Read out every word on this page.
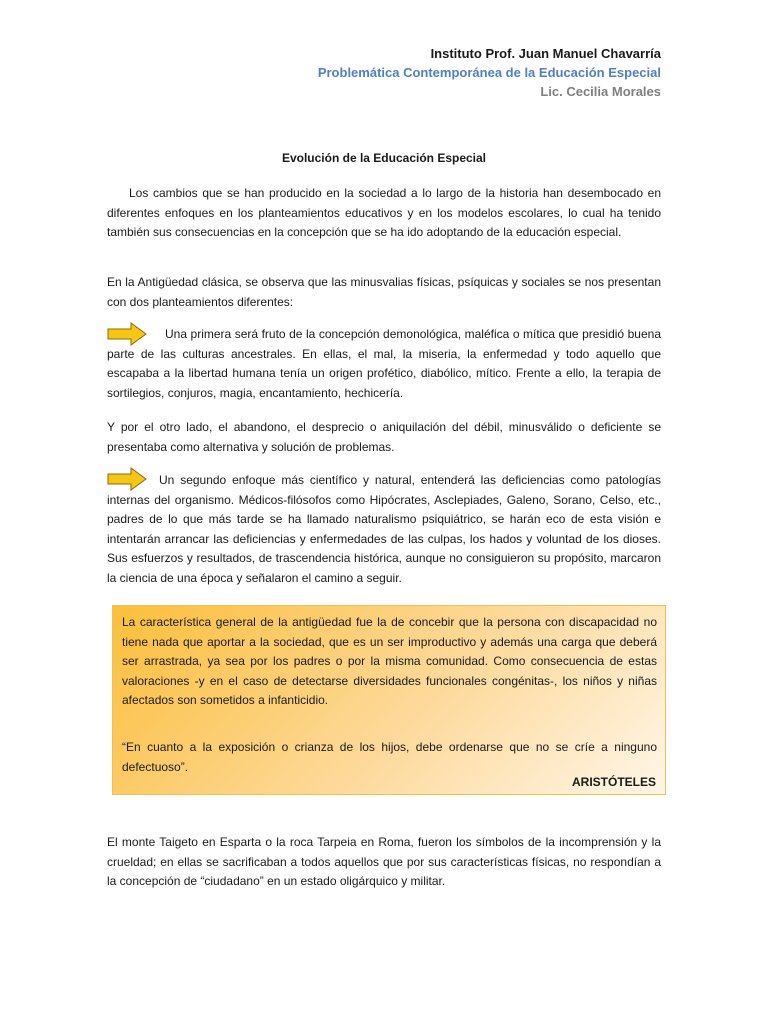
Instituto Prof. Juan Manuel Chavarría
Problemática Contemporánea de la Educación Especial
Lic. Cecilia Morales
Evolución de la Educación Especial
Los cambios que se han producido en la sociedad a lo largo de la historia han desembocado en diferentes enfoques en los planteamientos educativos y en los modelos escolares, lo cual ha tenido también sus consecuencias en la concepción que se ha ido adoptando de la educación especial.
En la Antigüedad clásica, se observa que las minusvalias físicas, psíquicas y sociales se nos presentan con dos planteamientos diferentes:
Una primera será fruto de la concepción demonológica, maléfica o mítica que presidió buena parte de las culturas ancestrales. En ellas, el mal, la miseria, la enfermedad y todo aquello que escapaba a la libertad humana tenía un origen profético, diabólico, mítico. Frente a ello, la terapia de sortilegios, conjuros, magia, encantamiento, hechicería.
Y por el otro lado, el abandono, el desprecio o aniquilación del débil, minusválido o deficiente se presentaba como alternativa y solución de problemas.
Un segundo enfoque más científico y natural, entenderá las deficiencias como patologías internas del organismo. Médicos-filósofos como Hipócrates, Asclepiades, Galeno, Sorano, Celso, etc., padres de lo que más tarde se ha llamado naturalismo psiquiátrico, se harán eco de esta visión e intentarán arrancar las deficiencias y enfermedades de las culpas, los hados y voluntad de los dioses. Sus esfuerzos y resultados, de trascendencia histórica, aunque no consiguieron su propósito, marcaron la ciencia de una época y señalaron el camino a seguir.
La característica general de la antigüedad fue la de concebir que la persona con discapacidad no tiene nada que aportar a la sociedad, que es un ser improductivo y además una carga que deberá ser arrastrada, ya sea por los padres o por la misma comunidad. Como consecuencia de estas valoraciones -y en el caso de detectarse diversidades funcionales congénitas-, los niños y niñas afectados son sometidos a infanticidio.
“En cuanto a la exposición o crianza de los hijos, debe ordenarse que no se críe a ninguno defectuoso”.
ARISTÓTELES
El monte Taigeto en Esparta o la roca Tarpeia en Roma, fueron los símbolos de la incomprensión y la crueldad; en ellas se sacrificaban a todos aquellos que por sus características físicas, no respondían a la concepción de “ciudadano” en un estado oligárquico y militar.
